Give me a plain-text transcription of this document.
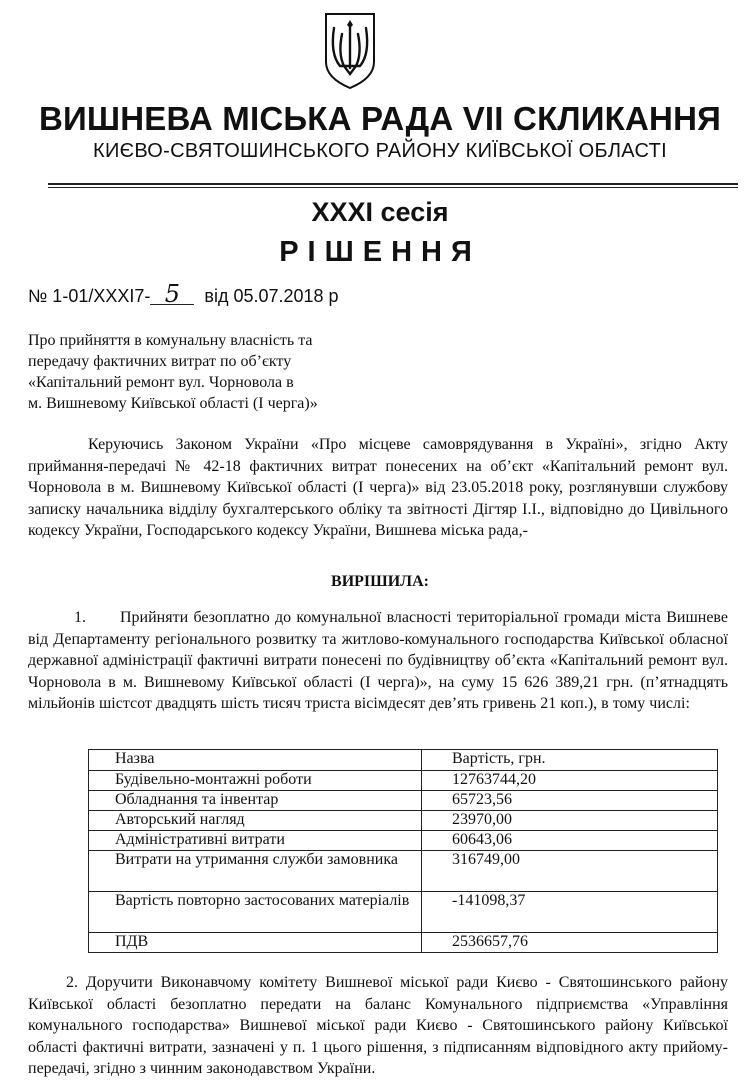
ВИШНЕВА МІСЬКА РАДА VII СКЛИКАННЯ
КИЄВО-СВЯТОШИНСЬКОГО РАЙОНУ КИЇВСЬКОЇ ОБЛАСТІ
XXXI сесія
РІШЕННЯ
№ 1-01/XXXI7- 5 від 05.07.2018 р
Про прийняття в комунальну власність та
передачу фактичних витрат по об’єкту
«Капітальний ремонт вул. Чорновола в
м. Вишневому Київської області (І черга)»
Керуючись Законом України «Про місцеве самоврядування в Україні», згідно Акту приймання-передачі № 42-18 фактичних витрат понесених на об’єкт «Капітальний ремонт вул. Чорновола в м. Вишневому Київської області (І черга)» від 23.05.2018 року, розглянувши службову записку начальника відділу бухгалтерського обліку та звітності Дігтяр І.І., відповідно до Цивільного кодексу України, Господарського кодексу України, Вишнева міська рада,-
ВИРІШИЛА:
1. Прийняти безоплатно до комунальної власності територіальної громади міста Вишневе від Департаменту регіонального розвитку та житлово-комунального господарства Київської обласної державної адміністрації фактичні витрати понесені по будівництву об’єкта «Капітальний ремонт вул. Чорновола в м. Вишневому Київської області (І черга)», на суму 15 626 389,21 грн. (п’ятнадцять мільйонів шістсот двадцять шість тисяч триста вісімдесят дев’ять гривень 21 коп.), в тому числі:
Назва	Вартість, грн.
Будівельно-монтажні роботи	12763744,20
Обладнання та інвентар	65723,56
Авторський нагляд	23970,00
Адміністративні витрати	60643,06
Витрати на утримання служби замовника	316749,00
Вартість повторно застосованих матеріалів	-141098,37
ПДВ	2536657,76
2. Доручити Виконавчому комітету Вишневої міської ради Києво - Святошинського району Київської області безоплатно передати на баланс Комунального підприємства «Управління комунального господарства» Вишневої міської ради Києво - Святошинського району Київської області фактичні витрати, зазначені у п. 1 цього рішення, з підписанням відповідного акту прийому-передачі, згідно з чинним законодавством України.
